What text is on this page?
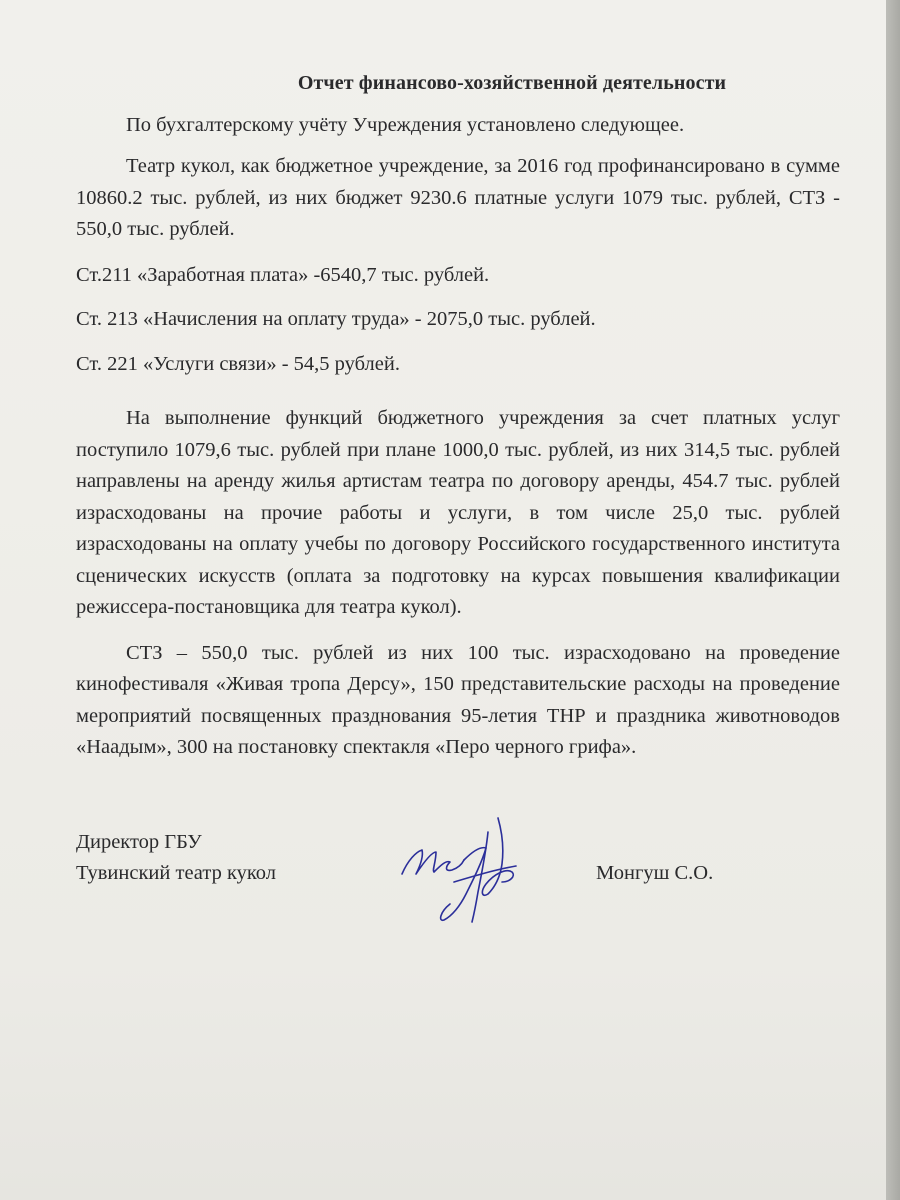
Отчет финансово-хозяйственной деятельности

По бухгалтерскому учёту Учреждения установлено следующее.

Театр кукол, как бюджетное учреждение, за 2016 год профинансировано в сумме 10860.2 тыс. рублей, из них бюджет 9230.6 платные услуги 1079 тыс. рублей, СТЗ - 550,0 тыс. рублей.

Ст.211 «Заработная плата» -6540,7 тыс. рублей.

Ст. 213 «Начисления на оплату труда» - 2075,0 тыс. рублей.

Ст. 221 «Услуги связи» - 54,5 рублей.

На выполнение функций бюджетного учреждения за счет платных услуг поступило 1079,6 тыс. рублей при плане 1000,0 тыс. рублей, из них 314,5 тыс. рублей направлены на аренду жилья артистам театра по договору аренды, 454.7 тыс. рублей израсходованы на прочие работы и услуги, в том числе 25,0 тыс. рублей израсходованы на оплату учебы по договору Российского государственного института сценических искусств (оплата за подготовку на курсах повышения квалификации режиссера-постановщика для театра кукол).

СТЗ – 550,0 тыс. рублей из них 100 тыс. израсходовано на проведение кинофестиваля «Живая тропа Дерсу», 150 представительские расходы на проведение мероприятий посвященных празднования 95-летия ТНР и праздника животноводов «Наадым», 300 на постановку спектакля «Перо черного грифа».

Директор ГБУ
Тувинский театр кукол	Монгуш С.О.
